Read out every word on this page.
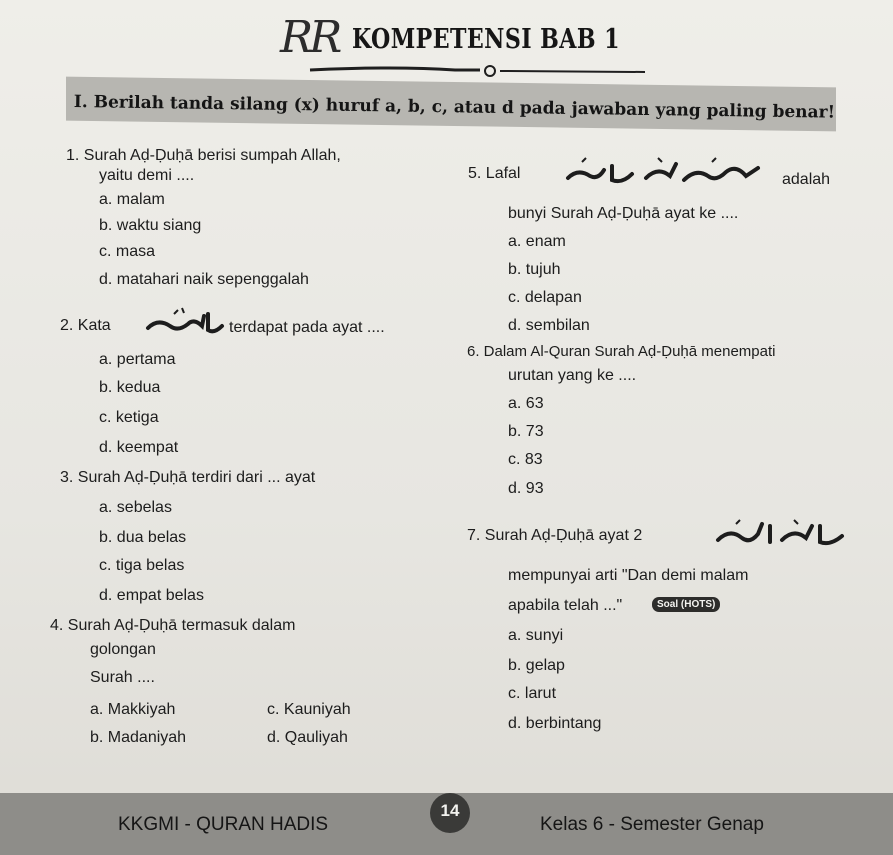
RR KOMPETENSI BAB 1
I. Berilah tanda silang (x) huruf a, b, c, atau d pada jawaban yang paling benar!
1. Surah Aḍ-Ḍuḥā berisi sumpah Allah,
yaitu demi ....
a. malam
b. waktu siang
c. masa
d. matahari naik sepenggalah
2. Kata	terdapat pada ayat ....
a. pertama
b. kedua
c. ketiga
d. keempat
3. Surah Aḍ-Ḍuḥā terdiri dari ... ayat
a. sebelas
b. dua belas
c. tiga belas
d. empat belas
4. Surah Aḍ-Ḍuḥā termasuk dalam
golongan
Surah ....
a. Makkiyah	c. Kauniyah
b. Madaniyah	d. Qauliyah
5. Lafal	adalah
bunyi Surah Aḍ-Ḍuḥā ayat ke ....
a. enam
b. tujuh
c. delapan
d. sembilan
6. Dalam Al-Quran Surah Aḍ-Ḍuḥā menempati
urutan yang ke ....
a. 63
b. 73
c. 83
d. 93
7. Surah Aḍ-Ḍuḥā ayat 2
mempunyai arti "Dan demi malam
apabila telah ..."	Soal (HOTS)
a. sunyi
b. gelap
c. larut
d. berbintang
KKGMI - QURAN HADIS
14
Kelas 6 - Semester Genap
